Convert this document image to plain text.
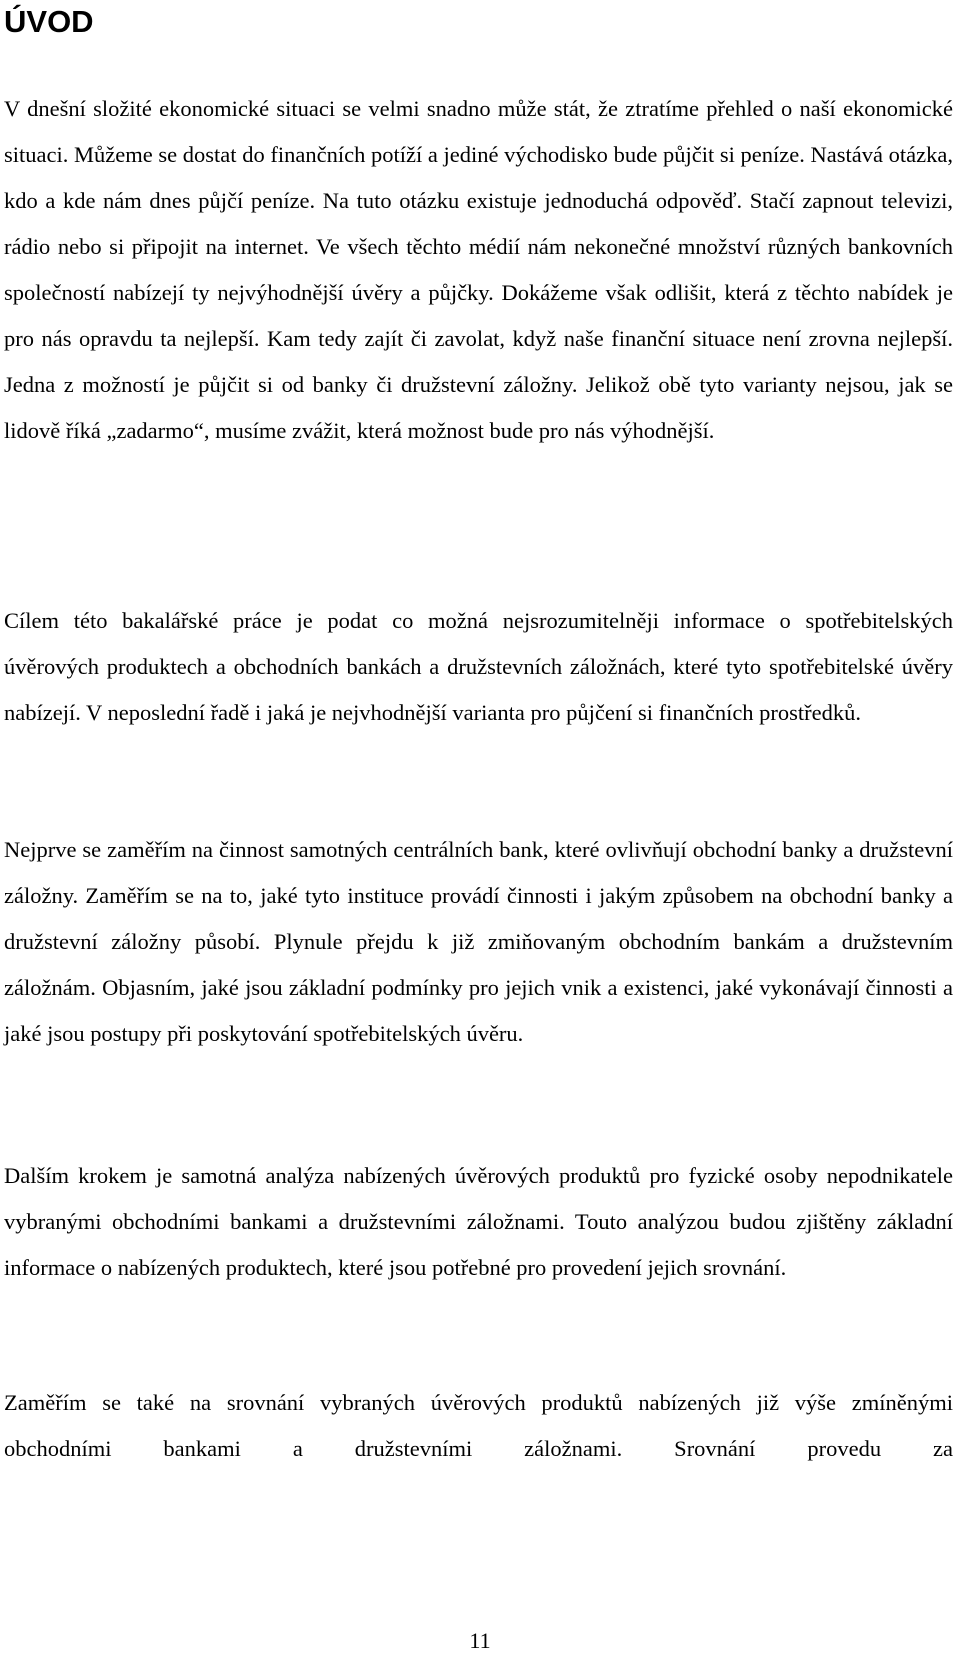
ÚVOD

V dnešní složité ekonomické situaci se velmi snadno může stát, že ztratíme přehled o naší ekonomické situaci. Můžeme se dostat do finančních potíží a jediné východisko bude půjčit si peníze. Nastává otázka, kdo a kde nám dnes půjčí peníze. Na tuto otázku existuje jednoduchá odpověď. Stačí zapnout televizi, rádio nebo si připojit na internet. Ve všech těchto médií nám nekonečné množství různých bankovních společností nabízejí ty nejvýhodnější úvěry a půjčky. Dokážeme však odlišit, která z těchto nabídek je pro nás opravdu ta nejlepší. Kam tedy zajít či zavolat, když naše finanční situace není zrovna nejlepší. Jedna z možností je půjčit si od banky či družstevní záložny. Jelikož obě tyto varianty nejsou, jak se lidově říká „zadarmo“, musíme zvážit, která možnost bude pro nás výhodnější.

Cílem této bakalářské práce je podat co možná nejsrozumitelněji informace o spotřebitelských úvěrových produktech a obchodních bankách a družstevních záložnách, které tyto spotřebitelské úvěry nabízejí. V neposlední řadě i jaká je nejvhodnější varianta pro půjčení si finančních prostředků.

Nejprve se zaměřím na činnost samotných centrálních bank, které ovlivňují obchodní banky a družstevní záložny. Zaměřím se na to, jaké tyto instituce provádí činnosti i jakým způsobem na obchodní banky a družstevní záložny působí. Plynule přejdu k již zmiňovaným obchodním bankám a družstevním záložnám. Objasním, jaké jsou základní podmínky pro jejich vnik a existenci, jaké vykonávají činnosti a jaké jsou postupy při poskytování spotřebitelských úvěru.

Dalším krokem je samotná analýza nabízených úvěrových produktů pro fyzické osoby nepodnikatele vybranými obchodními bankami a družstevními záložnami. Touto analýzou budou zjištěny základní informace o nabízených produktech, které jsou potřebné pro provedení jejich srovnání.

Zaměřím se také na srovnání vybraných úvěrových produktů nabízených již výše zmíněnými obchodními bankami a družstevními záložnami. Srovnání provedu za

11
